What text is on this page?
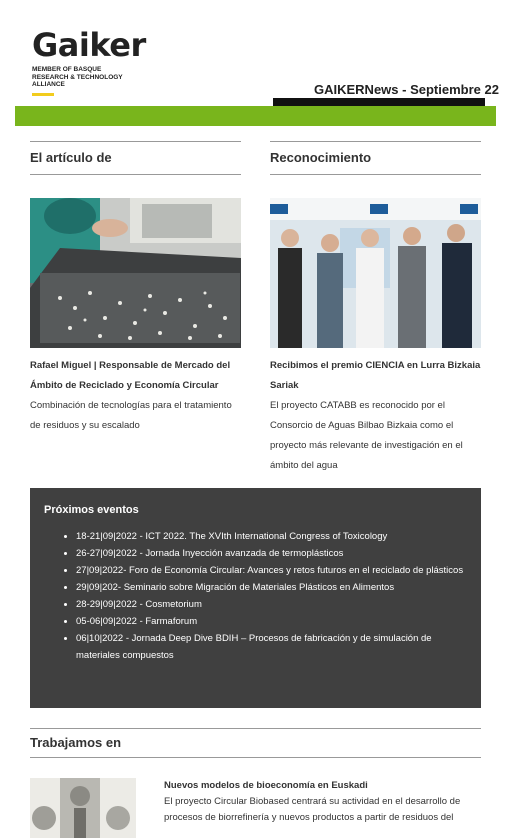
Gaiker
MEMBER OF BASQUE RESEARCH & TECHNOLOGY ALLIANCE	GAIKERNews - Septiembre 22
El artículo de
Rafael Miguel | Responsable de Mercado del Ámbito de Reciclado y Economía Circular
Combinación de tecnologías para el tratamiento de residuos y su escalado
Reconocimiento
Recibimos el premio CIENCIA en Lurra Bizkaia Sariak
El proyecto CATABB es reconocido por el Consorcio de Aguas Bilbao Bizkaia como el proyecto más relevante de investigación en el ámbito del agua
Próximos eventos
• 18-21|09|2022 - ICT 2022. The XVIth International Congress of Toxicology
• 26-27|09|2022 - Jornada Inyección avanzada de termoplásticos
• 27|09|2022- Foro de Economía Circular: Avances y retos futuros en el reciclado de plásticos
• 29|09|202- Seminario sobre Migración de Materiales Plásticos en Alimentos
• 28-29|09|2022 - Cosmetorium
• 05-06|09|2022 - Farmaforum
• 06|10|2022 - Jornada Deep Dive BDIH – Procesos de fabricación y de simulación de materiales compuestos
Trabajamos en
Nuevos modelos de bioeconomía en Euskadi
El proyecto Circular Biobased centrará su actividad en el desarrollo de procesos de biorrefinería y nuevos productos a partir de residuos del
